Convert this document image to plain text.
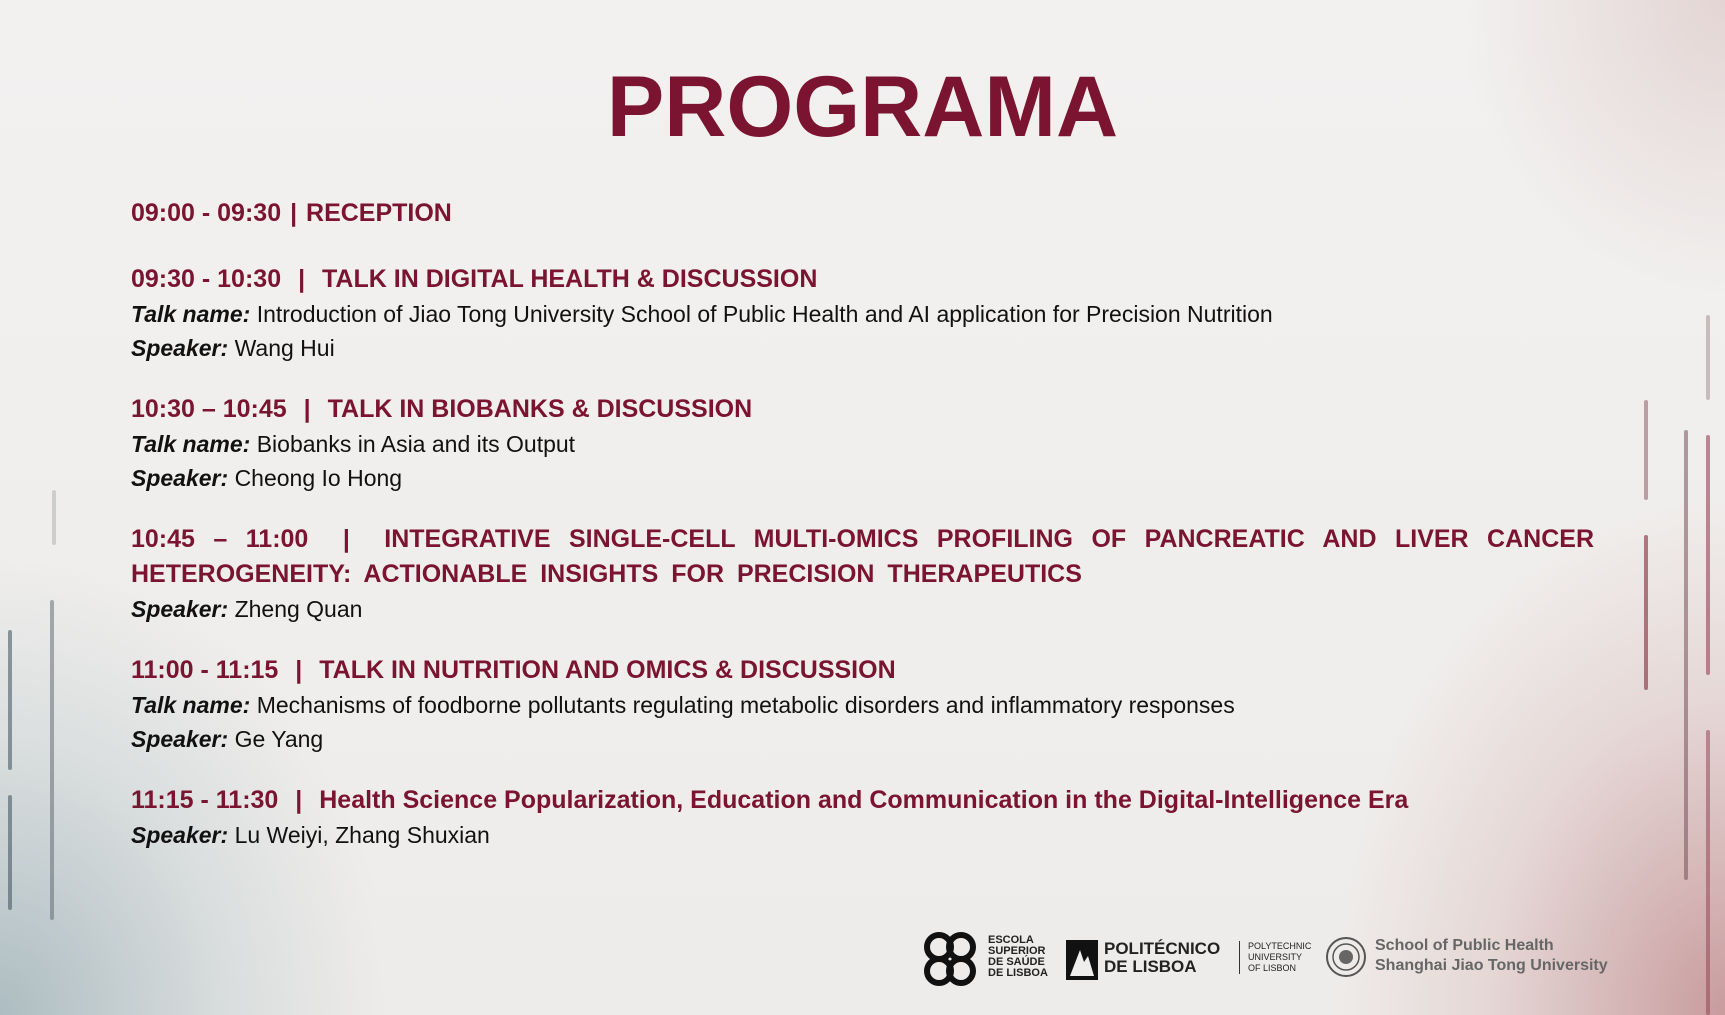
PROGRAMA
09:00 - 09:30 | RECEPTION
09:30 - 10:30 | TALK IN DIGITAL HEALTH & DISCUSSION
Talk name: Introduction of Jiao Tong University School of Public Health and AI application for Precision Nutrition
Speaker: Wang Hui
10:30 – 10:45 | TALK IN BIOBANKS & DISCUSSION
Talk name: Biobanks in Asia and its Output
Speaker: Cheong Io Hong
10:45 – 11:00 | INTEGRATIVE SINGLE-CELL MULTI-OMICS PROFILING OF PANCREATIC AND LIVER CANCER HETEROGENEITY: ACTIONABLE INSIGHTS FOR PRECISION THERAPEUTICS
Speaker: Zheng Quan
11:00 - 11:15 | TALK IN NUTRITION AND OMICS & DISCUSSION
Talk name: Mechanisms of foodborne pollutants regulating metabolic disorders and inflammatory responses
Speaker: Ge Yang
11:15 - 11:30 | Health Science Popularization, Education and Communication in the Digital-Intelligence Era
Speaker: Lu Weiyi, Zhang Shuxian
ESCOLA
SUPERIOR
DE SAÚDE
DE LISBOA
POLITÉCNICO
DE LISBOA
POLYTECHNIC
UNIVERSITY
OF LISBON
School of Public Health
Shanghai Jiao Tong University
